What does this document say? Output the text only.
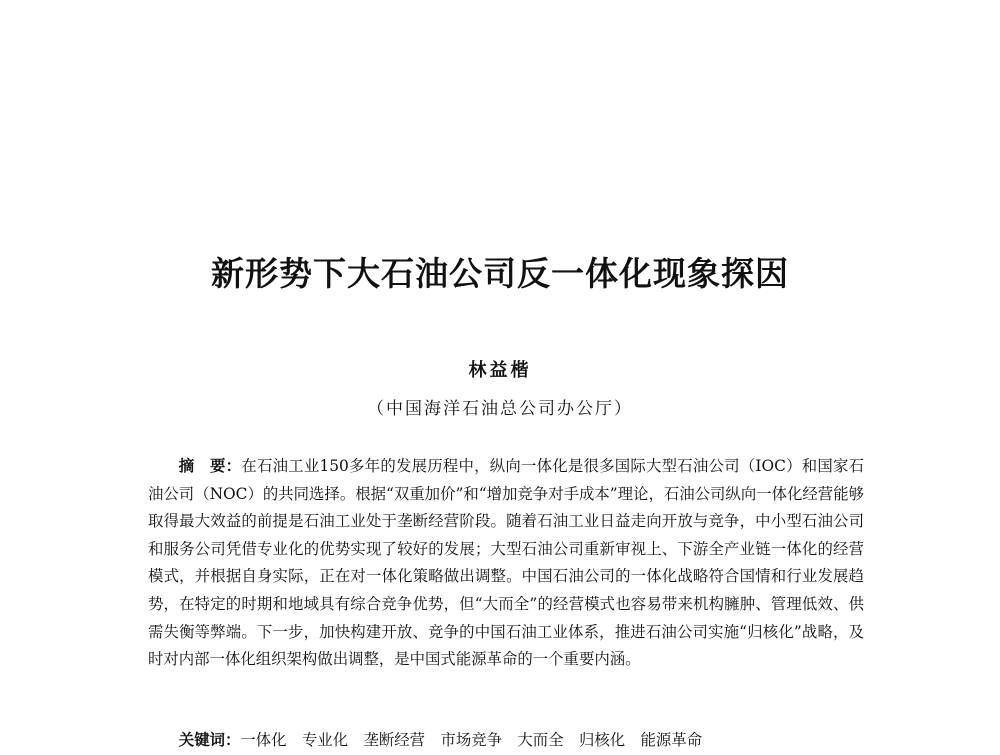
新形势下大石油公司反一体化现象探因
林益楷
（中国海洋石油总公司办公厅）

摘　要：在石油工业150多年的发展历程中，纵向一体化是很多国际大型石油公司（IOC）和国家石油公司（NOC）的共同选择。根据“双重加价”和“增加竞争对手成本”理论，石油公司纵向一体化经营能够取得最大效益的前提是石油工业处于垄断经营阶段。随着石油工业日益走向开放与竞争，中小型石油公司和服务公司凭借专业化的优势实现了较好的发展；大型石油公司重新审视上、下游全产业链一体化的经营模式，并根据自身实际，正在对一体化策略做出调整。中国石油公司的一体化战略符合国情和行业发展趋势，在特定的时期和地域具有综合竞争优势，但“大而全”的经营模式也容易带来机构臃肿、管理低效、供需失衡等弊端。下一步，加快构建开放、竞争的中国石油工业体系，推进石油公司实施“归核化”战略，及时对内部一体化组织架构做出调整，是中国式能源革命的一个重要内涵。

关键词：一体化　专业化　垄断经营　市场竞争　大而全　归核化　能源革命
